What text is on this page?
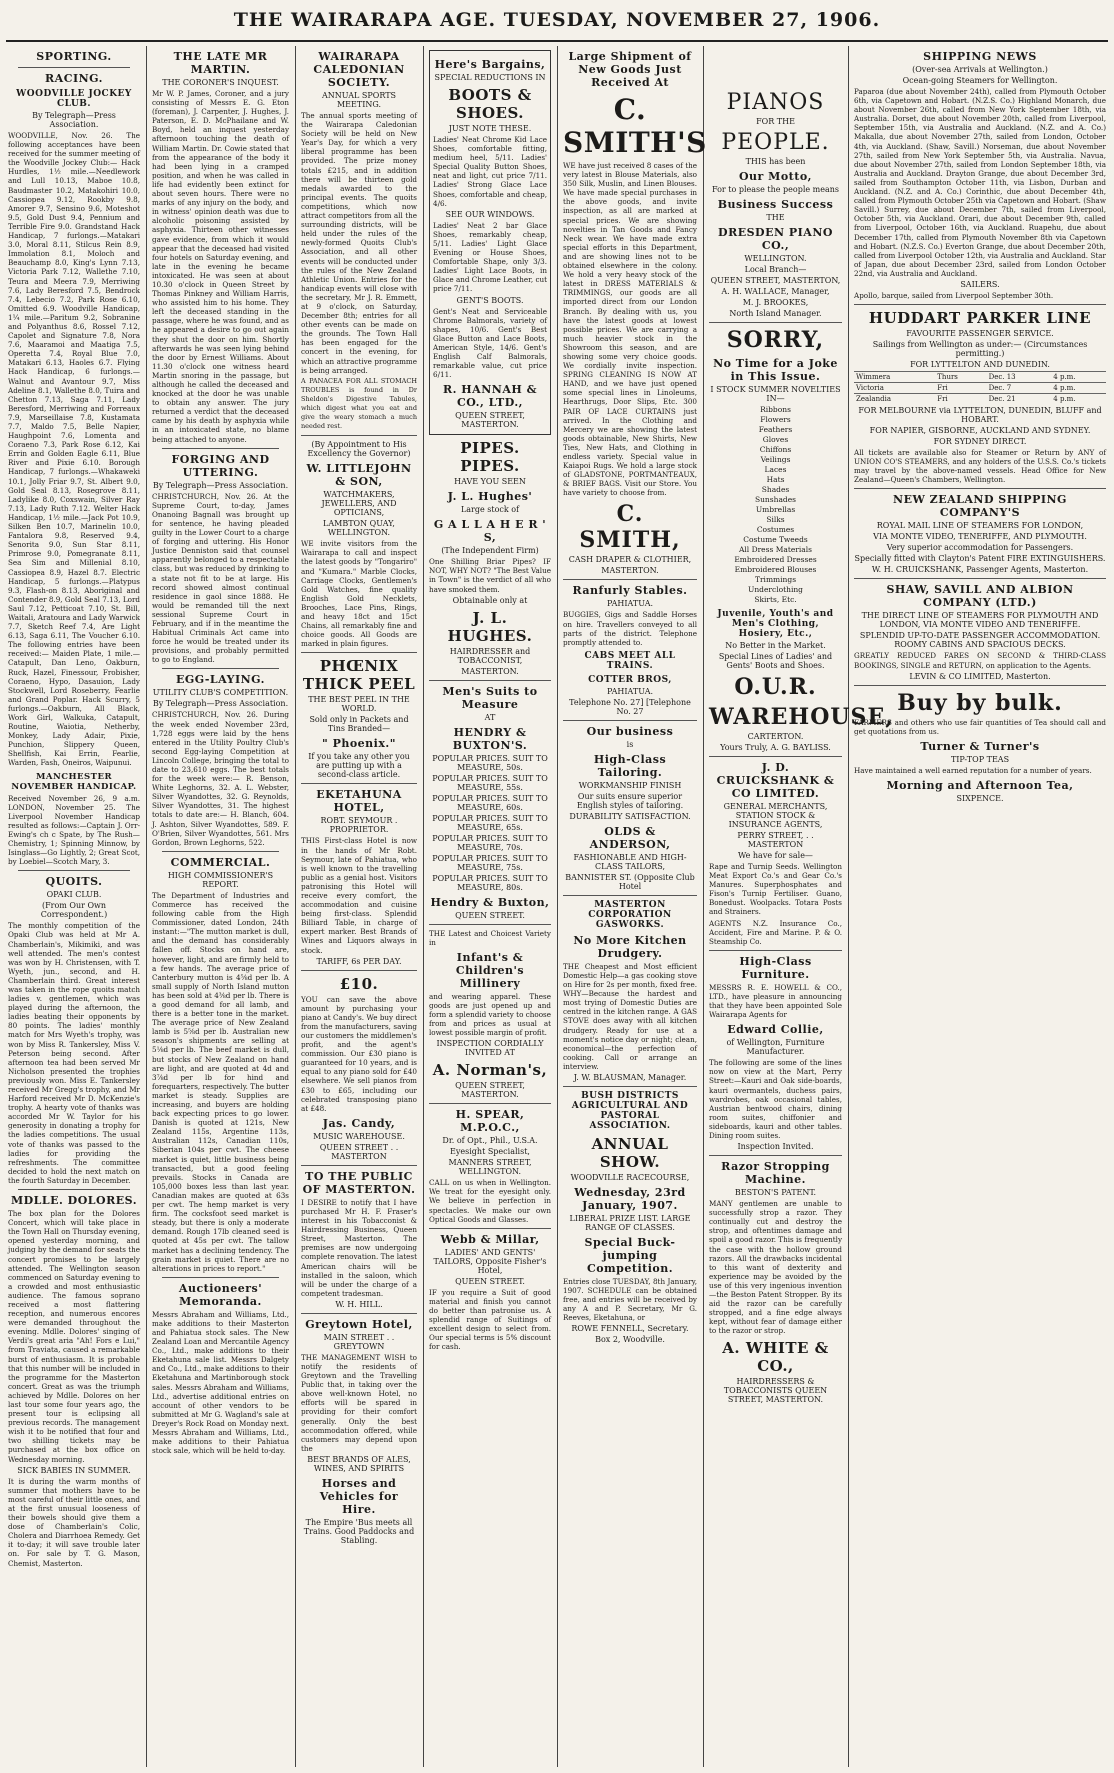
THE WAIRARAPA AGE. TUESDAY, NOVEMBER 27, 1906.
SPORTING.
RACING.
WOODVILLE JOCKEY CLUB.
By Telegraph—Press Association.
WOODVILLE, Nov. 26. The following acceptances have been received for the summer meeting of the Woodville Jockey Club:— Hack Hurdles, 1½ mile.—Needlework and Lull 10.13, Maboe 10.8, Baudmaster 10.2, Matakohiri 10.0, Cassiopea 9.12, Rookby 9.8, Amorer 9.7, Sensino 9.6, Moteshot 9.5, Gold Dust 9.4, Pennium and Terrible Fire 9.0. Grandstand Hack Handicap, 7 furlongs.—Matakari 3.0, Moral 8.11, Stilcus Rein 8.9, Immolation 8.1, Moloch and Beauchamp 8.0, King's Lynn 7.13, Victoria Park 7.12, Wallethe 7.10, Teura and Meera 7.9, Merriwing 7.6, Lady Beresford 7.5, Bendrock 7.4, Lebecio 7.2, Park Rose 6.10, Omitted 6.9. Woodville Handicap, 1¼ mile.—Paritum 9.2, Sobranine and Polyanthus 8.6, Rossel 7.12, Capolet and Signature 7.8, Nora 7.6, Maaramoi and Maatiga 7.5, Operetta 7.4, Royal Blue 7.0, Matakari 6.13, Haoles 6.7. Flying Hack Handicap, 6 furlongs.—Walnut and Avantour 9.7, Miss Adeline 8.1, Wallethe 8.0, Tuira and Chetton 7.13, Saga 7.11, Lady Beresford, Merriwing and Forreaux 7.9, Marseillaise 7.8, Kustamata 7.7, Maldo 7.5, Belle Napier, Haughpoint 7.6, Lomenta and Coraeno 7.3, Park Rose 6.12, Kai Errin and Golden Eagle 6.11, Blue River and Pixie 6.10. Borough Handicap, 7 furlongs.—Whakaweki 10.1, Jolly Friar 9.7, St. Albert 9.0, Gold Seal 8.13, Rosegrove 8.11, Ladylike 8.0, Coxswain, Silver Ray 7.13, Lady Ruth 7.12. Welter Hack Handicap, 1½ mile.—Jack Pot 10.9, Silken Ben 10.7, Marinelin 10.0, Fantalora 9.8, Reserved 9.4, Senorita 9.0, Sun Star 8.11, Primrose 9.0, Pomegranate 8.11, Sea Sim and Millenial 8.10, Cassiopea 8.9, Hazel 8.7. Electric Handicap, 5 furlongs.—Platypus 9.3, Flash-on 8.13, Aboriginal and Contender 8.9, Gold Seal 7.13, Lord Saul 7.12, Petticoat 7.10, St. Bill, Waitali, Aratoura and Lady Warwick 7.7, Sketch Reef 7.4, Are Light 6.13, Saga 6.11, The Voucher 6.10. The following entries have been received:— Maiden Plate, 1 mile.—Catapult, Dan Leno, Oakburn, Ruck, Hazel, Finessour, Frobisher, Coraeno, Hypo, Dasauion, Lady Stockwell, Lord Roseberry, Fearlie and Grand Poplar. Hack Scurry, 5 furlongs.—Oakburn, All Black, Work Girl, Walkuka, Catapult, Routine, Waiotia, Netherby, Monkey, Lady Adair, Pixie, Punchion, Slippery Queen, Shellfish, Kai Errin, Fearlie, Warden, Fash, Oneiros, Waipunui.
MANCHESTER NOVEMBER HANDICAP.
Received November 26, 9 a.m. LONDON, November 25. The Liverpool November Handicap resulted as follows:—Captain J. Orr-Ewing's ch c Spate, by The Rush—Chemistry, 1; Spinning Minnow, by Isinglass—Go Lightly, 2; Great Scot, by Loebiel—Scotch Mary, 3.
QUOITS.
OPAKI CLUB.
(From Our Own Correspondent.)
The monthly competition of the Opaki Club was held at Mr A. Chamberlain's, Mikimiki, and was well attended. The men's contest was won by H. Christensen, with T. Wyeth, jun., second, and H. Chamberlain third. Great interest was taken in the rope quoits match ladies v. gentlemen, which was played during the afternoon, the ladies beating their opponents by 80 points. The ladies' monthly match for Mrs Wyeth's trophy, was won by Miss R. Tankersley, Miss V. Peterson being second. After afternoon tea had been served Mr Nicholson presented the trophies previously won. Miss E. Tankersley received Mr Gregg's trophy, and Mr Harford received Mr D. McKenzie's trophy. A hearty vote of thanks was accorded Mr W. Taylor for his generosity in donating a trophy for the ladies competitions. The usual vote of thanks was passed to the ladies for providing the refreshments. The committee decided to hold the next match on the fourth Saturday in December.
MDLLE. DOLORES.
The box plan for the Dolores Concert, which will take place in the Town Hall on Thursday evening, opened yesterday morning, and judging by the demand for seats the concert promises to be largely attended. The Wellington season commenced on Saturday evening to a crowded and most enthusiastic audience. The famous soprano received a most flattering reception, and numerous encores were demanded throughout the evening. Mdlle. Dolores' singing of Verdi's great aria "Ah! Fors e Lui," from Traviata, caused a remarkable burst of enthusiasm. It is probable that this number will be included in the programme for the Masterton concert. Great as was the triumph achieved by Mdlle. Dolores on her last tour some four years ago, the present tour is eclipsing all previous records. The management wish it to be notified that four and two shilling tickets may be purchased at the box office on Wednesday morning.
SICK BABIES IN SUMMER.
It is during the warm months of summer that mothers have to be most careful of their little ones, and at the first unusual looseness of their bowels should give them a dose of Chamberlain's Colic, Cholera and Diarrhoea Remedy. Get it to-day; it will save trouble later on. For sale by T. G. Mason, Chemist, Masterton.
THE LATE MR MARTIN.
THE CORONER'S INQUEST.
Mr W. P. James, Coroner, and a jury consisting of Messrs E. G. Eton (foreman), J. Carpenter, J. Hughes, J. Paterson, E. D. McPhailane and W. Boyd, held an inquest yesterday afternoon touching the death of William Martin. Dr. Cowie stated that from the appearance of the body it had been lying in a cramped position, and when he was called in life had evidently been extinct for about seven hours. There were no marks of any injury on the body, and in witness' opinion death was due to alcoholic poisoning assisted by asphyxia. Thirteen other witnesses gave evidence, from which it would appear that the deceased had visited four hotels on Saturday evening, and late in the evening he became intoxicated. He was seen at about 10.30 o'clock in Queen Street by Thomas Pinkney and William Harris, who assisted him to his home. They left the deceased standing in the passage, where he was found, and as he appeared a desire to go out again they shut the door on him. Shortly afterwards he was seen lying behind the door by Ernest Williams. About 11.30 o'clock one witness heard Martin snoring in the passage, but although he called the deceased and knocked at the door he was unable to obtain any answer. The jury returned a verdict that the deceased came by his death by asphyxia while in an intoxicated state, no blame being attached to anyone.
FORGING AND UTTERING.
By Telegraph—Press Association.
CHRISTCHURCH, Nov. 26. At the Supreme Court, to-day, James Onanoing Bagnall was brought up for sentence, he having pleaded guilty in the Lower Court to a charge of forging and uttering. His Honor Justice Denniston said that counsel apparently belonged to a respectable class, but was reduced by drinking to a state not fit to be at large. His record showed almost continual residence in gaol since 1888. He would be remanded till the next sessional Supreme Court in February, and if in the meantime the Habitual Criminals Act came into force he would be treated under its provisions, and probably permitted to go to England.
EGG-LAYING.
UTILITY CLUB'S COMPETITION.
By Telegraph—Press Association.
CHRISTCHURCH, Nov. 26. During the week ended November 23rd, 1,728 eggs were laid by the hens entered in the Utility Poultry Club's second Egg-laying Competition at Lincoln College, bringing the total to date to 23,610 eggs. The best totals for the week were:— R. Benson, White Leghorns, 32. A. L. Webster, Silver Wyandottes, 32. G. Reynolds, Silver Wyandottes, 31. The highest totals to date are:— H. Blanch, 604. J. Ashton, Silver Wyandottes, 589. F. O'Brien, Silver Wyandottes, 561. Mrs Gordon, Brown Leghorns, 522.
COMMERCIAL.
HIGH COMMISSIONER'S REPORT.
The Department of Industries and Commerce has received the following cable from the High Commissioner, dated London, 24th instant:—"The mutton market is dull, and the demand has considerably fallen off. Stocks on hand are, however, light, and are firmly held to a few hands. The average price of Canterbury mutton is 4⅝d per lb. A small supply of North Island mutton has been sold at 4⅜d per lb. There is a good demand for all lamb, and there is a better tone in the market. The average price of New Zealand lamb is 5⅝d per lb. Australian new season's shipments are selling at 5⅛d per lb. The beef market is dull, but stocks of New Zealand on hand are light, and are quoted at 4d and 3⅞d per lb for hind and forequarters, respectively. The butter market is steady. Supplies are increasing, and buyers are holding back expecting prices to go lower. Danish is quoted at 121s, New Zealand 115s, Argentine 113s, Australian 112s, Canadian 110s, Siberian 104s per cwt. The cheese market is quiet, little business being transacted, but a good feeling prevails. Stocks in Canada are 105,000 boxes less than last year. Canadian makes are quoted at 63s per cwt. The hemp market is very firm. The cocksfoot seed market is steady, but there is only a moderate demand. Rough 17lb cleaned seed is quoted at 45s per cwt. The tallow market has a declining tendency. The grain market is quiet. There are no alterations in prices to report."
Auctioneers' Memoranda.
Messrs Abraham and Williams, Ltd., make additions to their Masterton and Pahiatua stock sales. The New Zealand Loan and Mercantile Agency Co., Ltd., make additions to their Eketahuna sale list. Messrs Dalgety and Co., Ltd., make additions to their Eketahuna and Martinborough stock sales. Messrs Abraham and Williams, Ltd., advertise additional entries on account of other vendors to be submitted at Mr G. Wagland's sale at Dreyer's Rock Road on Monday next. Messrs Abraham and Williams, Ltd., make additions to their Pahiatua stock sale, which will be held to-day.
WAIRARAPA CALEDONIAN SOCIETY.
ANNUAL SPORTS MEETING.
The annual sports meeting of the Wairarapa Caledonian Society will be held on New Year's Day, for which a very liberal programme has been provided. The prize money totals £215, and in addition there will be thirteen gold medals awarded to the principal events. The quoits competitions, which now attract competitors from all the surrounding districts, will be held under the rules of the newly-formed Quoits Club's Association, and all other events will be conducted under the rules of the New Zealand Athletic Union. Entries for the handicap events will close with the secretary, Mr J. R. Emmett, at 9 o'clock, on Saturday, December 8th; entries for all other events can be made on the grounds. The Town Hall has been engaged for the concert in the evening, for which an attractive programme is being arranged.
A PANACEA FOR ALL STOMACH TROUBLES is found in Dr Sheldon's Digestive Tabules, which digest what you eat and give the weary stomach a much needed rest.
(By Appointment to His Excellency the Governor)
W. LITTLEJOHN & SON,
WATCHMAKERS, JEWELLERS, AND OPTICIANS,
LAMBTON QUAY, WELLINGTON.
WE invite visitors from the Wairarapa to call and inspect the latest goods by "Tongariro" and "Kumara." Marble Clocks, Carriage Clocks, Gentlemen's Gold Watches, fine quality English Gold Necklets, Brooches, Lace Pins, Rings, and heavy 18ct and 15ct Chains, all remarkably fine and choice goods. All Goods are marked in plain figures.
PHŒNIX THICK PEEL
THE BEST PEEL IN THE WORLD.
Sold only in Packets and Tins Branded—
" Phoenix."
If you take any other you are putting up with a second-class article.
EKETAHUNA HOTEL,
ROBT. SEYMOUR . PROPRIETOR.
THIS First-class Hotel is now in the hands of Mr Robt. Seymour, late of Pahiatua, who is well known to the travelling public as a genial host. Visitors patronising this Hotel will receive every comfort, the accommodation and cuisine being first-class. Splendid Billiard Table, in charge of expert marker. Best Brands of Wines and Liquors always in stock.
TARIFF, 6s PER DAY.
£10.
YOU can save the above amount by purchasing your piano at Candy's. We buy direct from the manufacturers, saving our customers the middlemen's profit, and the agent's commission. Our £30 piano is guaranteed for 10 years, and is equal to any piano sold for £40 elsewhere. We sell pianos from £30 to £65, including our celebrated transposing piano at £48.
Jas. Candy,
MUSIC WAREHOUSE.
QUEEN STREET . . MASTERTON
TO THE PUBLIC OF MASTERTON.
I DESIRE to notify that I have purchased Mr H. F. Fraser's interest in his Tobacconist & Hairdressing Business, Queen Street, Masterton. The premises are now undergoing complete renovation. The latest American chairs will be installed in the saloon, which will be under the charge of a competent tradesman.
W. H. HILL.
Greytown Hotel,
MAIN STREET . . GREYTOWN
THE MANAGEMENT WISH to notify the residents of Greytown and the Travelling Public that, in taking over the above well-known Hotel, no efforts will be spared in providing for their comfort generally. Only the best accommodation offered, while customers may depend upon the
BEST BRANDS OF ALES, WINES, AND SPIRITS
Horses and Vehicles for Hire.
The Empire 'Bus meets all Trains. Good Paddocks and Stabling.
Here's Bargains,
SPECIAL REDUCTIONS IN
BOOTS & SHOES.
JUST NOTE THESE.
Ladies' Neat Chrome Kid Lace Shoes, comfortable fitting, medium heel, 5/11. Ladies' Special Quality Button Shoes, neat and light, cut price 7/11. Ladies' Strong Glace Lace Shoes, comfortable and cheap, 4/6.
SEE OUR WINDOWS.
Ladies' Neat 2 bar Glace Shoes, remarkably cheap, 5/11. Ladies' Light Glace Evening or House Shoes, Comfortable Shape, only 3/3. Ladies' Light Lace Boots, in Glace and Chrome Leather, cut price 7/11.
GENT'S BOOTS.
Gent's Neat and Serviceable Chrome Balmorals, variety of shapes, 10/6. Gent's Best Glace Button and Lace Boots, American Style, 14/6. Gent's English Calf Balmorals, remarkable value, cut price 6/11.
R. HANNAH & CO., LTD.,
QUEEN STREET, MASTERTON.
PIPES. PIPES.
HAVE YOU SEEN
J. L. Hughes'
Large stock of
G A L L A H E R ' S,
(The Independent Firm)
One Shilling Briar Pipes? IF NOT, WHY NOT? "The Best Value in Town" is the verdict of all who have smoked them.
Obtainable only at
J. L. HUGHES.
HAIRDRESSER and TOBACCONIST,
MASTERTON.
Men's Suits to Measure
AT
HENDRY & BUXTON'S.
POPULAR PRICES. SUIT TO MEASURE, 50s.
POPULAR PRICES. SUIT TO MEASURE, 55s.
POPULAR PRICES. SUIT TO MEASURE, 60s.
POPULAR PRICES. SUIT TO MEASURE, 65s.
POPULAR PRICES. SUIT TO MEASURE, 70s.
POPULAR PRICES. SUIT TO MEASURE, 75s.
POPULAR PRICES. SUIT TO MEASURE, 80s.
Hendry & Buxton,
QUEEN STREET.
THE Latest and Choicest Variety in
Infant's & Children's Millinery
and wearing apparel. These goods are just opened up and form a splendid variety to choose from and prices as usual at lowest possible margin of profit.
INSPECTION CORDIALLY INVITED AT
A. Norman's,
QUEEN STREET, MASTERTON.
H. SPEAR, M.P.O.C.,
Dr. of Opt., Phil., U.S.A.
Eyesight Specialist,
MANNERS STREET, WELLINGTON.
CALL on us when in Wellington. We treat for the eyesight only. We believe in perfection in spectacles. We make our own Optical Goods and Glasses.
Webb & Millar,
LADIES' AND GENTS' TAILORS, Opposite Fisher's Hotel,
QUEEN STREET.
IF you require a Suit of good material and finish you cannot do better than patronise us. A splendid range of Suitings of excellent design to select from. Our special terms is 5% discount for cash.
Large Shipment of New Goods Just Received At
C. SMITH'S
WE have just received 8 cases of the very latest in Blouse Materials, also 350 Silk, Muslin, and Linen Blouses. We have made special purchases in the above goods, and invite inspection, as all are marked at special prices. We are showing novelties in Tan Goods and Fancy Neck wear. We have made extra special efforts in this Department, and are showing lines not to be obtained elsewhere in the colony. We hold a very heavy stock of the latest in DRESS MATERIALS & TRIMMINGS, our goods are all imported direct from our London Branch. By dealing with us, you have the latest goods at lowest possible prices. We are carrying a much heavier stock in the Showroom this season, and are showing some very choice goods. We cordially invite inspection. SPRING CLEANING IS NOW AT HAND, and we have just opened some special lines in Linoleums, Hearthrugs, Door Slips, Etc. 300 PAIR OF LACE CURTAINS just arrived. In the Clothing and Mercery we are showing the latest goods obtainable, New Shirts, New Ties, New Hats, and Clothing in endless variety. Special value in Kaiapoi Rugs. We hold a large stock of GLADSTONE, PORTMANTEAUX, & BRIEF BAGS. Visit our Store. You have variety to choose from.
C. SMITH,
CASH DRAPER & CLOTHIER,
MASTERTON.
Ranfurly Stables.
PAHIATUA.
BUGGIES, Gigs and Saddle Horses on hire. Travellers conveyed to all parts of the district. Telephone promptly attended to.
CABS MEET ALL TRAINS.
COTTER BROS,
PAHIATUA.
Telephone No. 27] [Telephone No. 27
Our business
is
High-Class Tailoring.
WORKMANSHIP FINISH
Our suits ensure superior English styles of tailoring.
DURABILITY SATISFACTION.
OLDS & ANDERSON,
FASHIONABLE AND HIGH-CLASS TAILORS,
BANNISTER ST. (Opposite Club Hotel
MASTERTON CORPORATION GASWORKS.
No More Kitchen Drudgery.
THE Cheapest and Most efficient Domestic Help—a gas cooking stove on Hire for 2s per month, fixed free. WHY—Because the hardest and most trying of Domestic Duties are centred in the kitchen range. A GAS STOVE does away with all kitchen drudgery. Ready for use at a moment's notice day or night; clean, economical—the perfection of cooking. Call or arrange an interview.
J. W. BLAUSMAN, Manager.
BUSH DISTRICTS AGRICULTURAL AND PASTORAL ASSOCIATION.
ANNUAL SHOW.
WOODVILLE RACECOURSE,
Wednesday, 23rd January, 1907.
LIBERAL PRIZE LIST. LARGE RANGE OF CLASSES.
Special Buck-jumping Competition.
Entries close TUESDAY, 8th January, 1907. SCHEDULE can be obtained free, and entries will be received by any A and P. Secretary, Mr G. Reeves, Eketahuna, or
ROWE FENNELL, Secretary.
Box 2, Woodville.
PIANOS
FOR THE
PEOPLE.
THIS has been
Our Motto,
For to please the people means
Business Success
THE
DRESDEN PIANO CO.,
WELLINGTON.
Local Branch—
QUEEN STREET, MASTERTON,
A. H. WALLACE, Manager,
M. J. BROOKES,
North Island Manager.
SORRY,
No Time for a Joke in This Issue.
I STOCK SUMMER NOVELTIES IN—
Ribbons
Flowers
Feathers
Gloves
Chiffons
Veilings
Laces
Hats
Shades
Sunshades
Umbrellas
Silks
Costumes
Costume Tweeds
All Dress Materials
Embroidered Dresses
Embroidered Blouses
Trimmings
Underclothing
Skirts, Etc.
Juvenile, Youth's and Men's Clothing, Hosiery, Etc.,
No Better in the Market.
Special Lines of Ladies' and Gents' Boots and Shoes.
O.U.R.
WAREHOUSE,
CARTERTON.
Yours Truly, A. G. BAYLISS.
J. D. CRUICKSHANK & CO LIMITED.
GENERAL MERCHANTS, STATION STOCK & INSURANCE AGENTS,
PERRY STREET, . . MASTERTON
We have for sale—
Rape and Turnip Seeds. Wellington Meat Export Co.'s and Gear Co.'s Manures. Superphosphates and Fison's Turnip Fertiliser. Guano, Bonedust. Woolpacks. Totara Posts and Strainers.
AGENTS N.Z. Insurance Co., Accident, Fire and Marine. P. & O. Steamship Co.
High-Class Furniture.
MESSRS R. E. HOWELL & CO., LTD., have pleasure in announcing that they have been appointed Sole Wairarapa Agents for
Edward Collie,
of Wellington, Furniture Manufacturer.
The following are some of the lines now on view at the Mart, Perry Street:—Kauri and Oak side-boards, kauri overmantels, duchess pairs, wardrobes, oak occasional tables, Austrian bentwood chairs, dining room suites, chiffonier and sideboards, kauri and other tables. Dining room suites.
Inspection Invited.
Razor Stropping Machine.
BESTON'S PATENT.
MANY gentlemen are unable to successfully strop a razor. They continually cut and destroy the strop, and oftentimes damage and spoil a good razor. This is frequently the case with the hollow ground razors. All the drawbacks incidental to this want of dexterity and experience may be avoided by the use of this very ingenious invention—the Beston Patent Stropper. By its aid the razor can be carefully stropped, and a fine edge always kept, without fear of damage either to the razor or strop.
A. WHITE & CO.,
HAIRDRESSERS & TOBACCONISTS QUEEN STREET, MASTERTON.
SHIPPING NEWS
(Over-sea Arrivals at Wellington.)
Ocean-going Steamers for Wellington.
Paparoa (due about November 24th), called from Plymouth October 6th, via Capetown and Hobart. (N.Z.S. Co.) Highland Monarch, due about November 26th, called from New York September 18th, via Australia. Dorset, due about November 20th, called from Liverpool, September 15th, via Australia and Auckland. (N.Z. and A. Co.) Makalla, due about November 27th, sailed from London, October 4th, via Auckland. (Shaw, Savill.) Norseman, due about November 27th, sailed from New York September 5th, via Australia. Navua, due about November 27th, sailed from London September 18th, via Australia and Auckland. Drayton Grange, due about December 3rd, sailed from Southampton October 11th, via Lisbon, Durban and Auckland. (N.Z. and A. Co.) Corinthic, due about December 4th, called from Plymouth October 25th via Capetown and Hobart. (Shaw Savill.) Surrey, due about December 7th, sailed from Liverpool, October 5th, via Auckland. Orari, due about December 9th, called from Liverpool, October 16th, via Auckland. Ruapehu, due about December 17th, called from Plymouth November 8th via Capetown and Hobart. (N.Z.S. Co.) Everton Grange, due about December 20th, called from Liverpool October 12th, via Australia and Auckland. Star of Japan, due about December 23rd, sailed from London October 22nd, via Australia and Auckland.
SAILERS.
Apollo, barque, sailed from Liverpool September 30th.
HUDDART PARKER LINE
FAVOURITE PASSENGER SERVICE.
Sailings from Wellington as under:— (Circumstances permitting.)
FOR LYTTELTON AND DUNEDIN.
Wimmera	Thurs	Dec. 13	4 p.m.
Victoria	Fri	Dec. 7	4 p.m.
Zealandia	Fri	Dec. 21	4 p.m.
FOR MELBOURNE via LYTTELTON, DUNEDIN, BLUFF and HOBART.
FOR NAPIER, GISBORNE, AUCKLAND AND SYDNEY.
FOR SYDNEY DIRECT.
All tickets are available also for Steamer or Return by ANY of UNION CO'S STEAMERS, and any holders of the U.S.S. Co.'s tickets may travel by the above-named vessels. Head Office for New Zealand—Queen's Chambers, Wellington.
NEW ZEALAND SHIPPING COMPANY'S
ROYAL MAIL LINE OF STEAMERS FOR LONDON,
VIA MONTE VIDEO, TENERIFFE, AND PLYMOUTH.
Very superior accommodation for Passengers.
Specially fitted with Clayton's Patent FIRE EXTINGUISHERS.
W. H. CRUICKSHANK, Passenger Agents, Masterton.
SHAW, SAVILL AND ALBION COMPANY (LTD.)
THE DIRECT LINE OF STEAMERS FOR PLYMOUTH AND LONDON, VIA MONTE VIDEO AND TENERIFFE.
SPLENDID UP-TO-DATE PASSENGER ACCOMMODATION. ROOMY CABINS AND SPACIOUS DECKS.
GREATLY REDUCED FARES ON SECOND & THIRD-CLASS BOOKINGS, SINGLE and RETURN, on application to the Agents.
LEVIN & CO LIMITED, Masterton.
Buy by bulk.
FARMERS and others who use fair quantities of Tea should call and get quotations from us.
Turner & Turner's
TIP-TOP TEAS
Have maintained a well earned reputation for a number of years.
Morning and Afternoon Tea,
SIXPENCE.
